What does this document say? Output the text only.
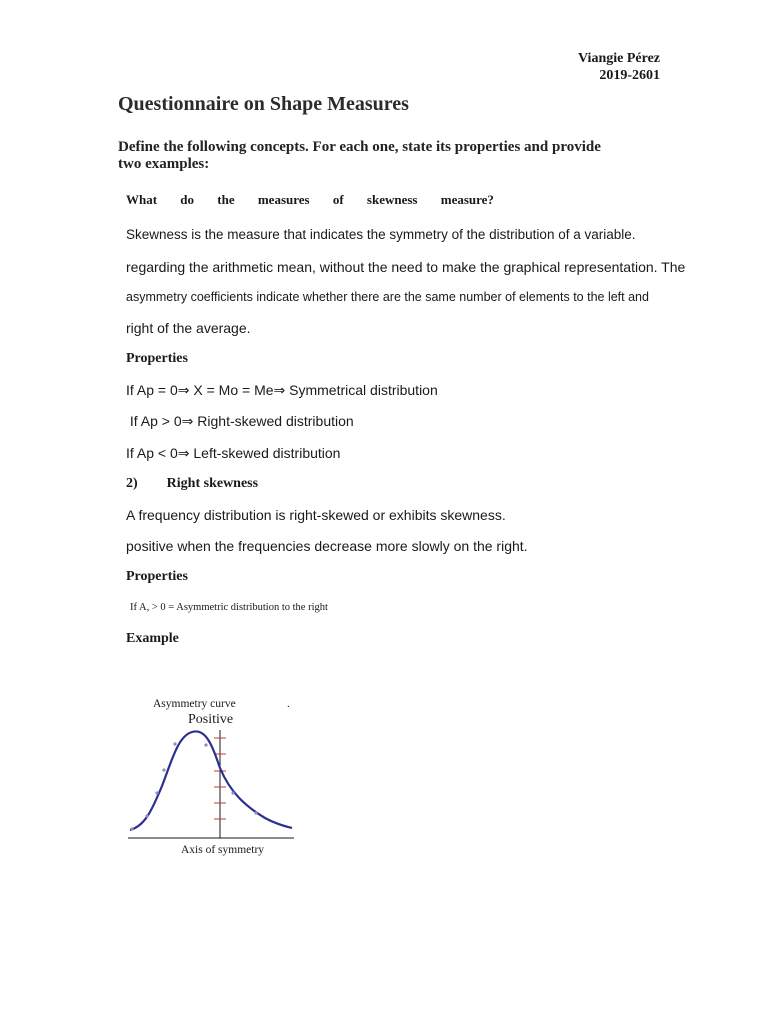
Viangie Pérez
2019-2601
Questionnaire on Shape Measures
Define the following concepts. For each one, state its properties and provide
two examples:
What do the measures of skewness measure?
Skewness is the measure that indicates the symmetry of the distribution of a variable.
regarding the arithmetic mean, without the need to make the graphical representation. The
asymmetry coefficients indicate whether there are the same number of elements to the left and
right of the average.
Properties
If Ap = 0⇒ X = Mo = Me⇒ Symmetrical distribution
If Ap > 0⇒ Right-skewed distribution
If Ap < 0⇒ Left-skewed distribution
2) Right skewness
A frequency distribution is right-skewed or exhibits skewness.
positive when the frequencies decrease more slowly on the right.
Properties
If A, > 0 = Asymmetric distribution to the right
Example
Asymmetry curve	.
Positive
Axis of symmetry
